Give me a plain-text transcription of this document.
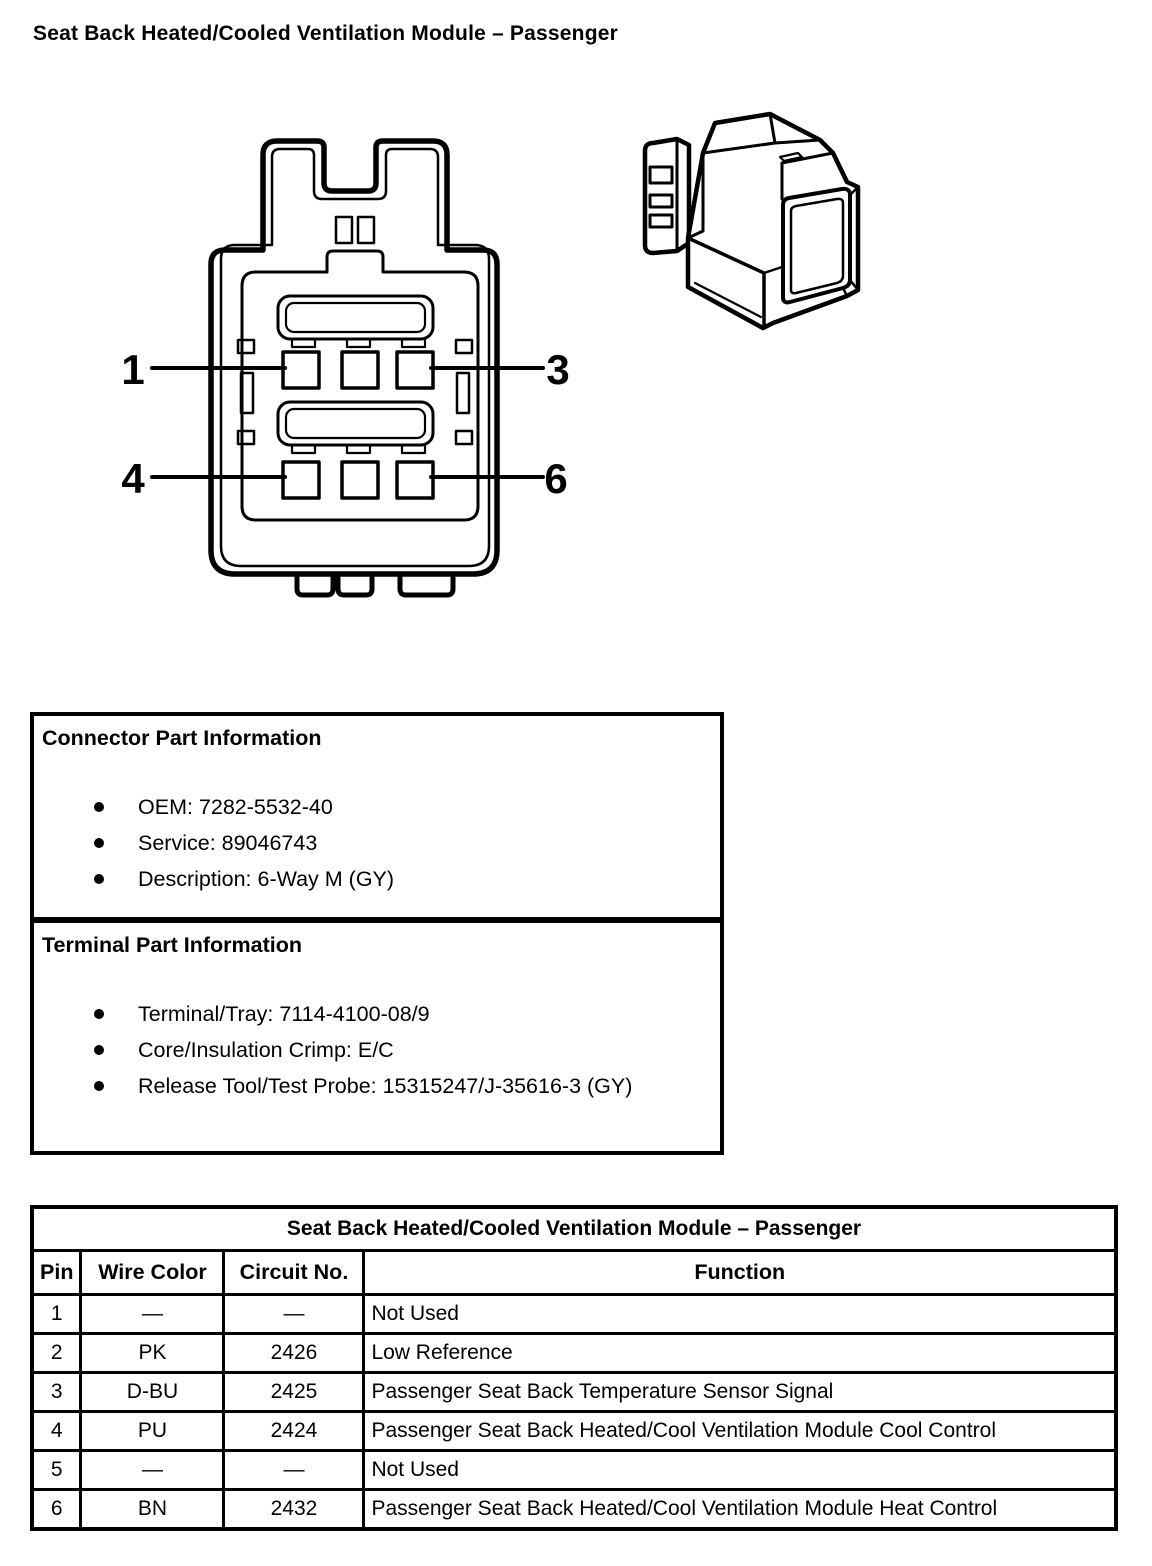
Seat Back Heated/Cooled Ventilation Module – Passenger
1	3
4	6
Connector Part Information
OEM: 7282-5532-40
Service: 89046743
Description: 6-Way M (GY)
Terminal Part Information
Terminal/Tray: 7114-4100-08/9
Core/Insulation Crimp: E/C
Release Tool/Test Probe: 15315247/J-35616-3 (GY)
Seat Back Heated/Cooled Ventilation Module – Passenger			
Pin	Wire Color	Circuit No.	Function
1	—	—	Not Used
2	PK	2426	Low Reference
3	D-BU	2425	Passenger Seat Back Temperature Sensor Signal
4	PU	2424	Passenger Seat Back Heated/Cool Ventilation Module Cool Control
5	—	—	Not Used
6	BN	2432	Passenger Seat Back Heated/Cool Ventilation Module Heat Control
